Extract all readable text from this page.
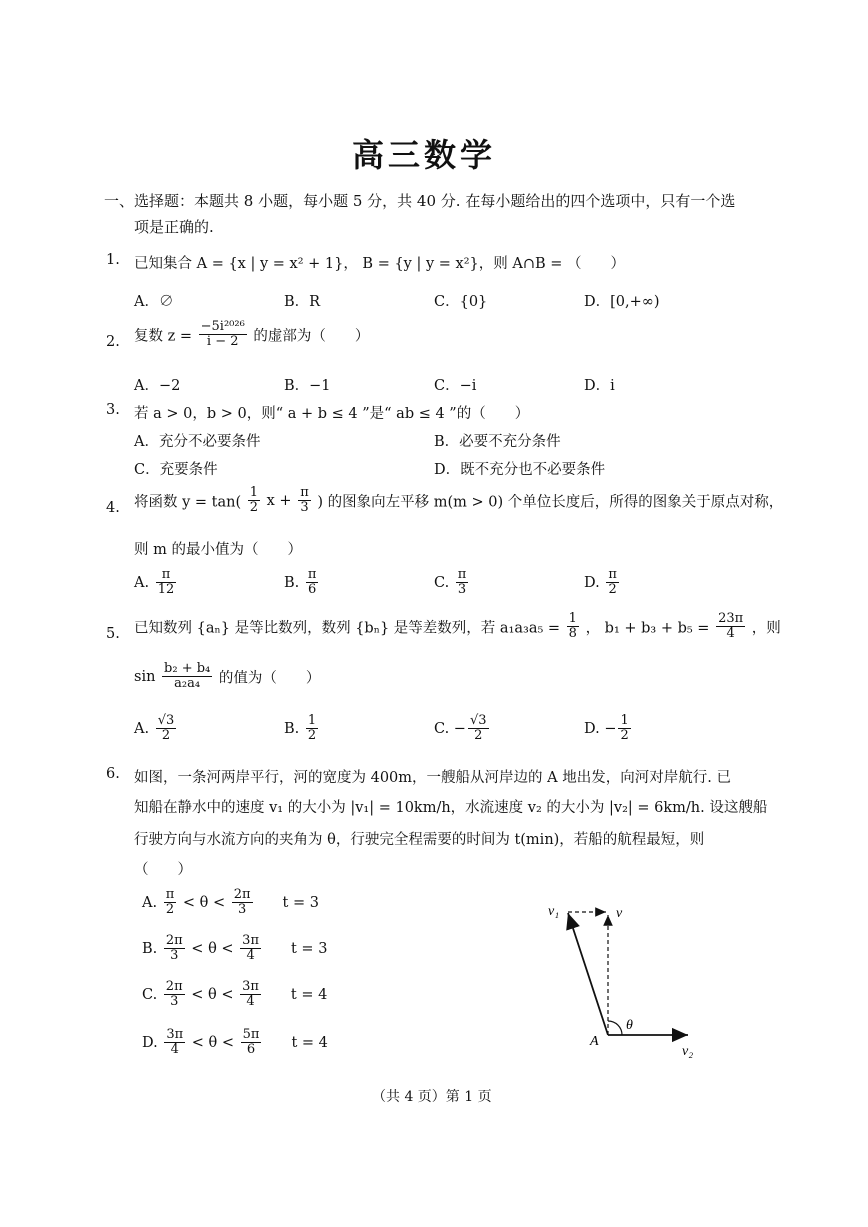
高三数学
一、选择题：本题共 8 小题，每小题 5 分，共 40 分. 在每小题给出的四个选项中，只有一个选
项是正确的.
1. 已知集合 A = {x | y = x² + 1}， B = {y | y = x²}，则 A∩B = （　　）
A．∅	B．R	C．{0}	D．[0,+∞)
2. 复数 $z = \frac{\text{−5i²⁰²⁶}}{i - 2}$ 的虚部为（　　）
A．−2	B．−1	C．−i	D．i
3. 若 a > 0，b > 0，则“ a + b ≤ 4 ”是“ ab ≤ 4 ”的（　　）
A．充分不必要条件	B．必要不充分条件
C．充要条件	D．既不充分也不必要条件
4. 将函数 $y = \tan( \frac{1}{2}$ $x + \frac{\pi}{3}$ ) 的图象向左平移 m(m > 0) 个单位长度后，所得的图象关于原点对称，
则 m 的最小值为（　　）
A. $\frac{\pi}{12}$	B. $\frac{\pi}{6}$	C. $\frac{\pi}{3}$	D. $\frac{\pi}{2}$
5. 已知数列 {aₙ} 是等比数列，数列 {bₙ} 是等差数列，若 $a_1a_3a_5 = \frac{1}{8}$ ， $b_1 + b_3 + b_5 = \frac{23\pi}{4}$ ，则
$\sin \frac{\text{b₂ + b₄}}{\text{a₂a₄}}$ 的值为（　　）
A. $\frac{√3}{2}$	B. $\frac{1}{2}$	C. − $\frac{√3}{2}$	D. − $\frac{1}{2}$
6. 如图，一条河两岸平行，河的宽度为 400m，一艘船从河岸边的 A 地出发，向河对岸航行. 已
知船在静水中的速度 v₁ 的大小为 |v₁| = 10km/h，水流速度 v₂ 的大小为 |v₂| = 6km/h. 设这艘船
行驶方向与水流方向的夹角为 θ，行驶完全程需要的时间为 t(min)，若船的航程最短，则
（　　）
A. $\frac{\pi}{2} < \theta < \frac{2\pi}{3}$ t = 3
B. $\frac{2\pi}{3} < \theta < \frac{3\pi}{4}$ t = 3
C. $\frac{2\pi}{3} < \theta < \frac{3\pi}{4}$ t = 4
D. $\frac{3\pi}{4} < \theta < \frac{5\pi}{6}$ t = 4
v₁	v
θ
A
v₂
（共 4 页）第 1 页
